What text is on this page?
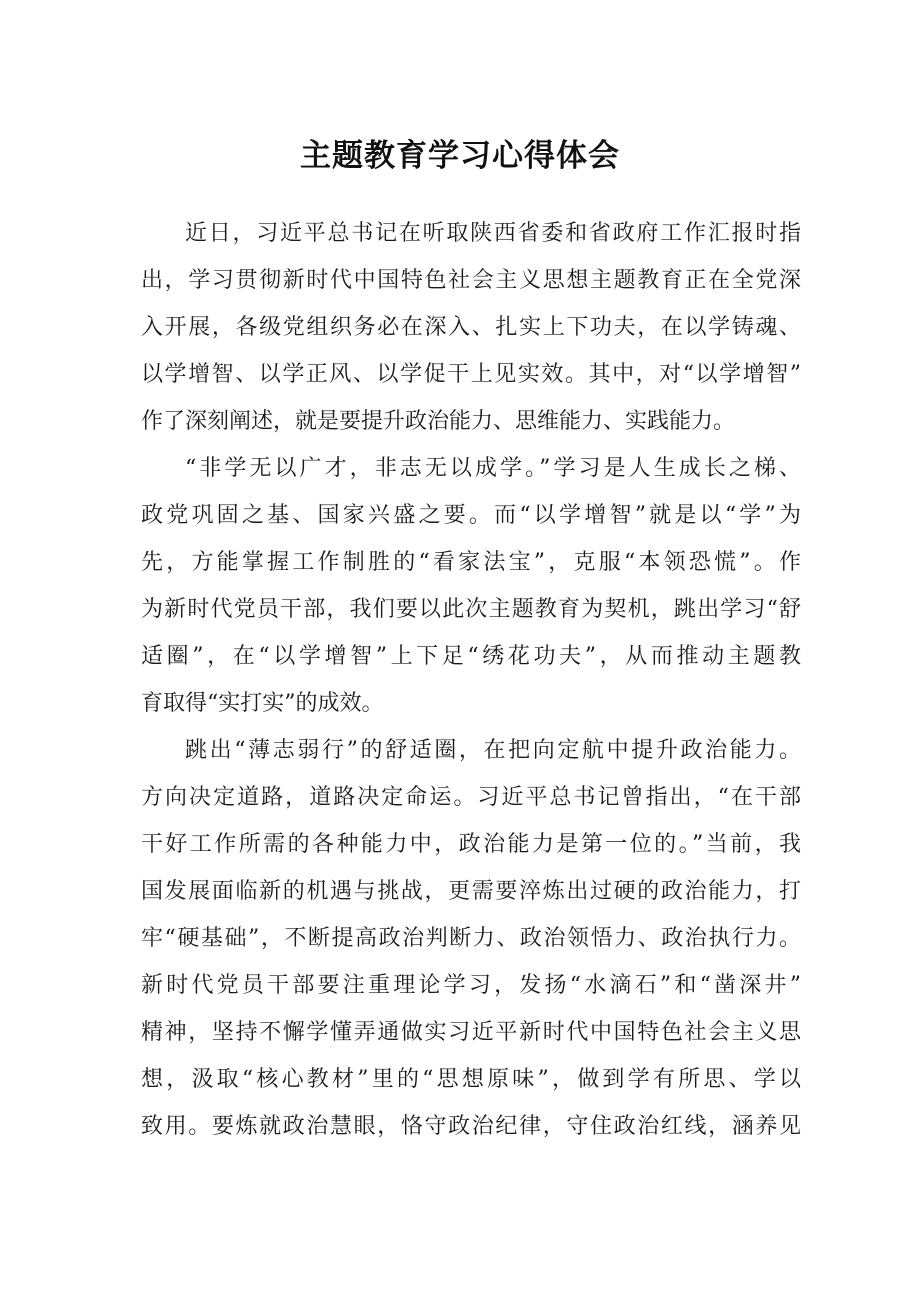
主题教育学习心得体会
近日，习近平总书记在听取陕西省委和省政府工作汇报时指
出，学习贯彻新时代中国特色社会主义思想主题教育正在全党深
入开展，各级党组织务必在深入、扎实上下功夫，在以学铸魂、
以学增智、以学正风、以学促干上见实效。其中，对“以学增智”
作了深刻阐述，就是要提升政治能力、思维能力、实践能力。
“非学无以广才，非志无以成学。”学习是人生成长之梯、
政党巩固之基、国家兴盛之要。而“以学增智”就是以“学”为
先，方能掌握工作制胜的“看家法宝”，克服“本领恐慌”。作
为新时代党员干部，我们要以此次主题教育为契机，跳出学习“舒
适圈”，在“以学增智”上下足“绣花功夫”，从而推动主题教
育取得“实打实”的成效。
跳出“薄志弱行”的舒适圈，在把向定航中提升政治能力。
方向决定道路，道路决定命运。习近平总书记曾指出，“在干部
干好工作所需的各种能力中，政治能力是第一位的。”当前，我
国发展面临新的机遇与挑战，更需要淬炼出过硬的政治能力，打
牢“硬基础”，不断提高政治判断力、政治领悟力、政治执行力。
新时代党员干部要注重理论学习，发扬“水滴石”和“凿深井”
精神，坚持不懈学懂弄通做实习近平新时代中国特色社会主义思
想，汲取“核心教材”里的“思想原味”，做到学有所思、学以
致用。要炼就政治慧眼，恪守政治纪律，守住政治红线，涵养见
